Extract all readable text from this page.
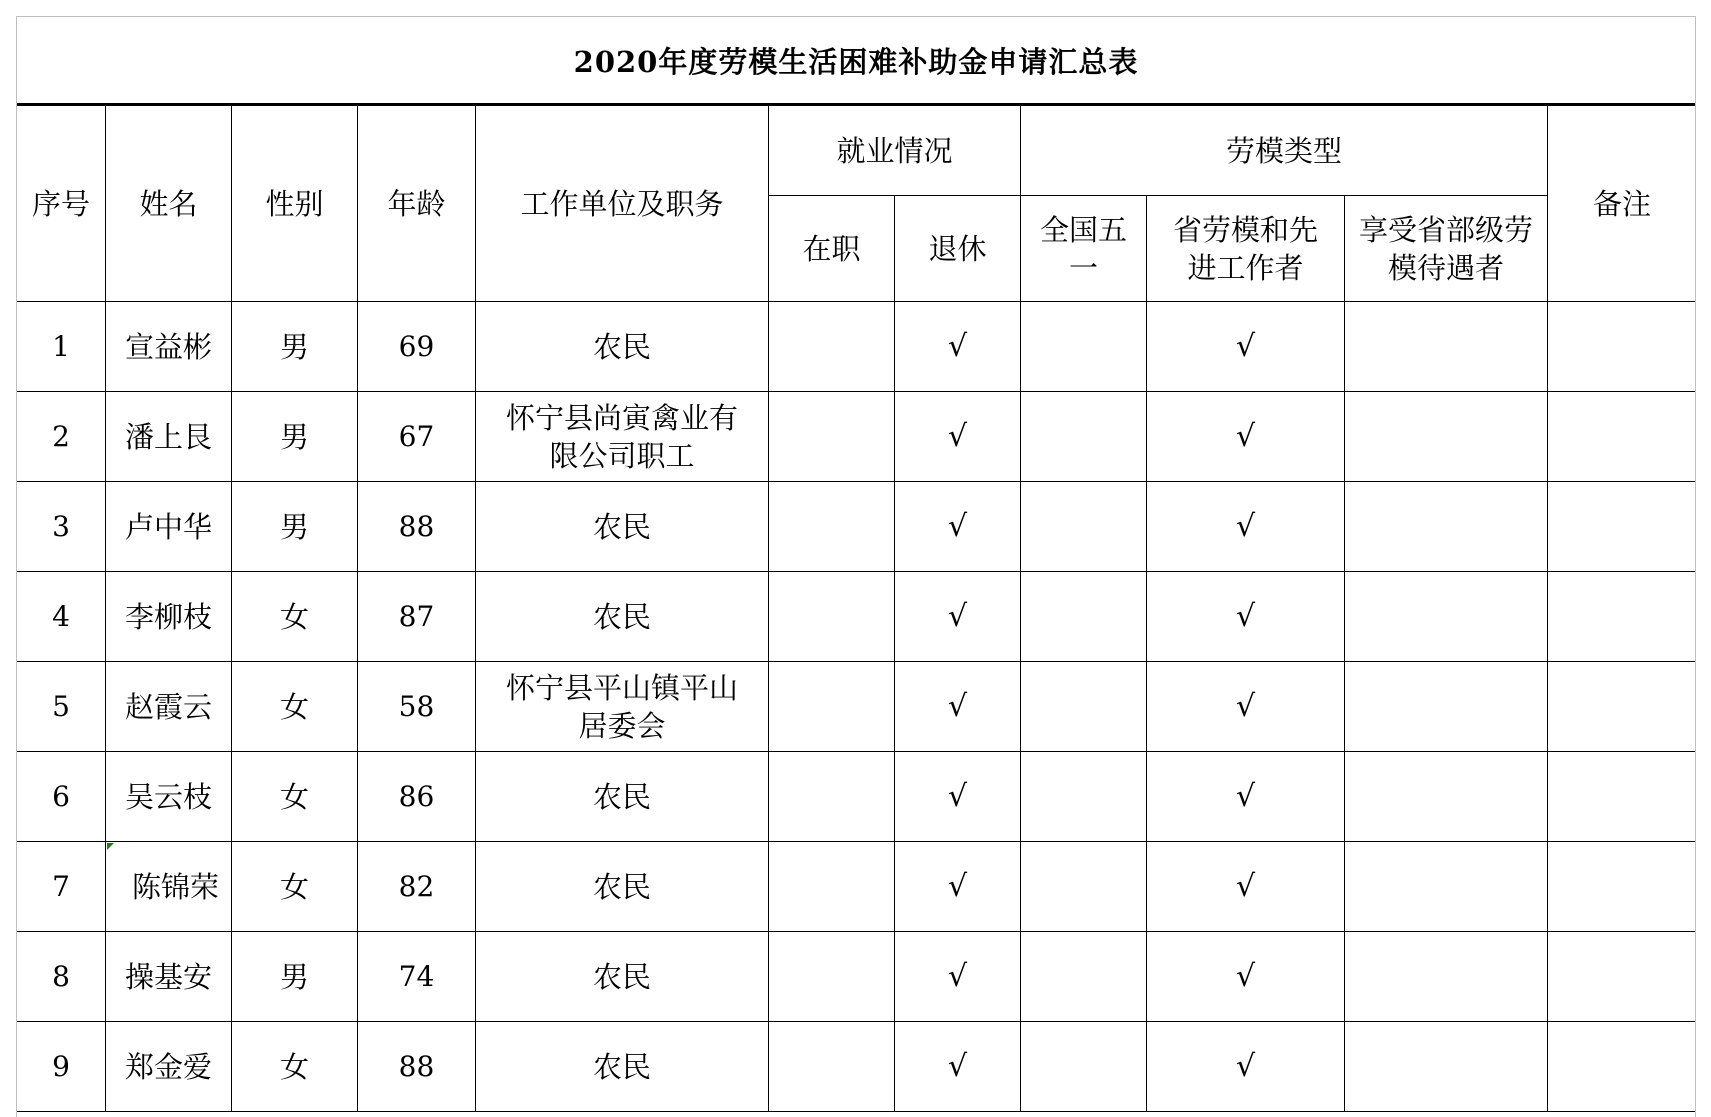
2020年度劳模生活困难补助金申请汇总表
序号	姓名	性别	年龄	工作单位及职务	就业情况		劳模类型			备注
					在职	退休	全国五一	省劳模和先进工作者	享受省部级劳模待遇者	
1	宣益彬	男	69	农民		√		√		
2	潘上艮	男	67	怀宁县尚寅禽业有限公司职工		√		√		
3	卢中华	男	88	农民		√		√		
4	李柳枝	女	87	农民		√		√		
5	赵霞云	女	58	怀宁县平山镇平山居委会		√		√		
6	吴云枝	女	86	农民		√		√		
7	陈锦荣	女	82	农民		√		√		
8	操基安	男	74	农民		√		√		
9	郑金爱	女	88	农民		√		√		
